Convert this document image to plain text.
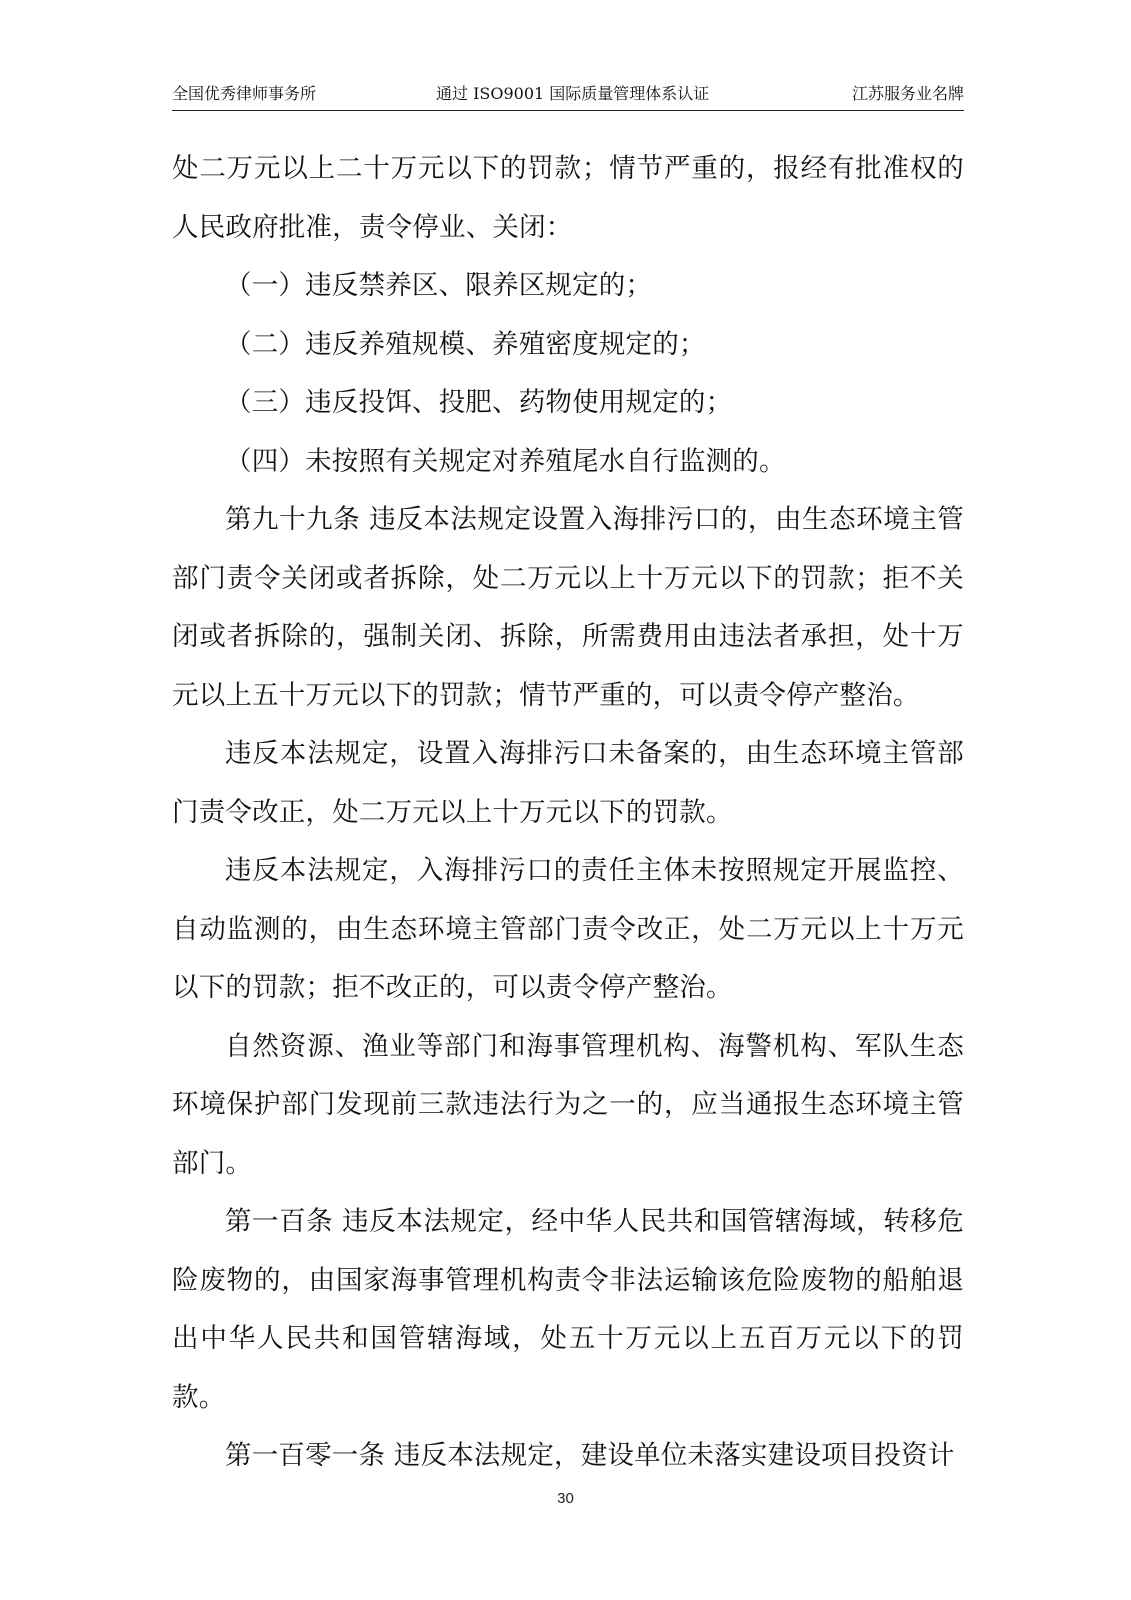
全国优秀律师事务所	通过 ISO9001 国际质量管理体系认证	江苏服务业名牌

处二万元以上二十万元以下的罚款；情节严重的，报经有批准权的人民政府批准，责令停业、关闭：

（一）违反禁养区、限养区规定的；

（二）违反养殖规模、养殖密度规定的；

（三）违反投饵、投肥、药物使用规定的；

（四）未按照有关规定对养殖尾水自行监测的。

第九十九条 违反本法规定设置入海排污口的，由生态环境主管部门责令关闭或者拆除，处二万元以上十万元以下的罚款；拒不关闭或者拆除的，强制关闭、拆除，所需费用由违法者承担，处十万元以上五十万元以下的罚款；情节严重的，可以责令停产整治。

违反本法规定，设置入海排污口未备案的，由生态环境主管部门责令改正，处二万元以上十万元以下的罚款。

违反本法规定，入海排污口的责任主体未按照规定开展监控、自动监测的，由生态环境主管部门责令改正，处二万元以上十万元以下的罚款；拒不改正的，可以责令停产整治。

自然资源、渔业等部门和海事管理机构、海警机构、军队生态环境保护部门发现前三款违法行为之一的，应当通报生态环境主管部门。

第一百条 违反本法规定，经中华人民共和国管辖海域，转移危险废物的，由国家海事管理机构责令非法运输该危险废物的船舶退出中华人民共和国管辖海域，处五十万元以上五百万元以下的罚款。

第一百零一条 违反本法规定，建设单位未落实建设项目投资计

30
